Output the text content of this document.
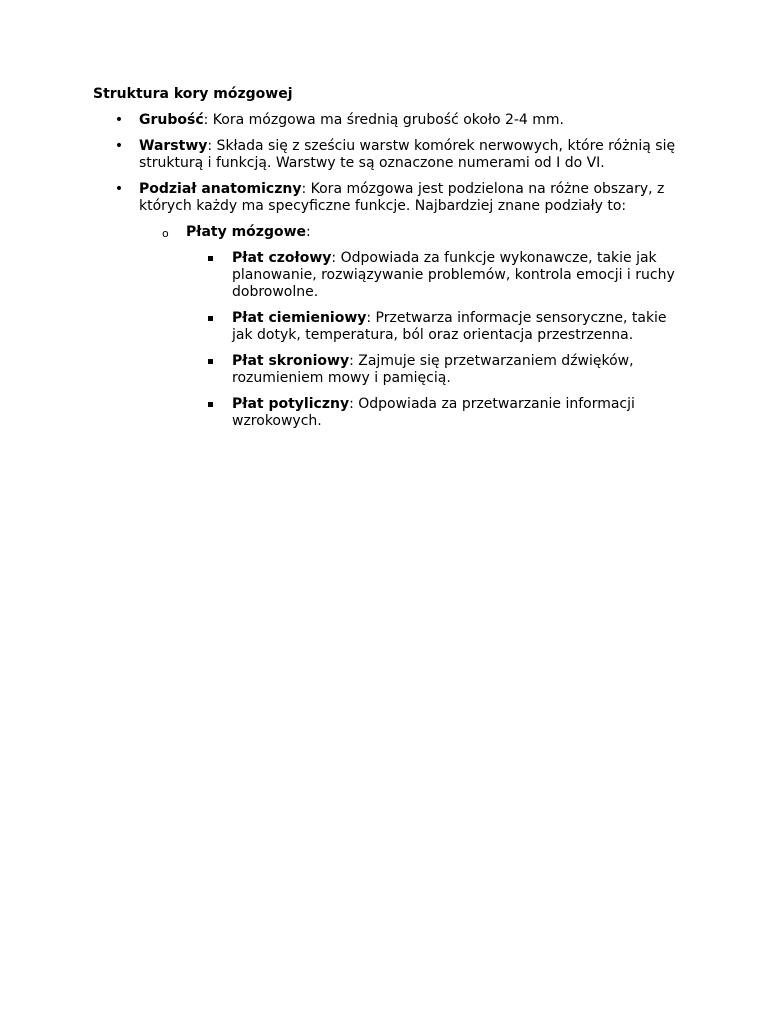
Struktura kory mózgowej

• Grubość: Kora mózgowa ma średnią grubość około 2-4 mm.
• Warstwy: Składa się z sześciu warstw komórek nerwowych, które różnią się strukturą i funkcją. Warstwy te są oznaczone numerami od I do VI.
• Podział anatomiczny: Kora mózgowa jest podzielona na różne obszary, z których każdy ma specyficzne funkcje. Najbardziej znane podziały to:
o Płaty mózgowe:
Płat czołowy: Odpowiada za funkcje wykonawcze, takie jak planowanie, rozwiązywanie problemów, kontrola emocji i ruchy dobrowolne.
Płat ciemieniowy: Przetwarza informacje sensoryczne, takie jak dotyk, temperatura, ból oraz orientacja przestrzenna.
Płat skroniowy: Zajmuje się przetwarzaniem dźwięków, rozumieniem mowy i pamięcią.
Płat potyliczny: Odpowiada za przetwarzanie informacji wzrokowych.
